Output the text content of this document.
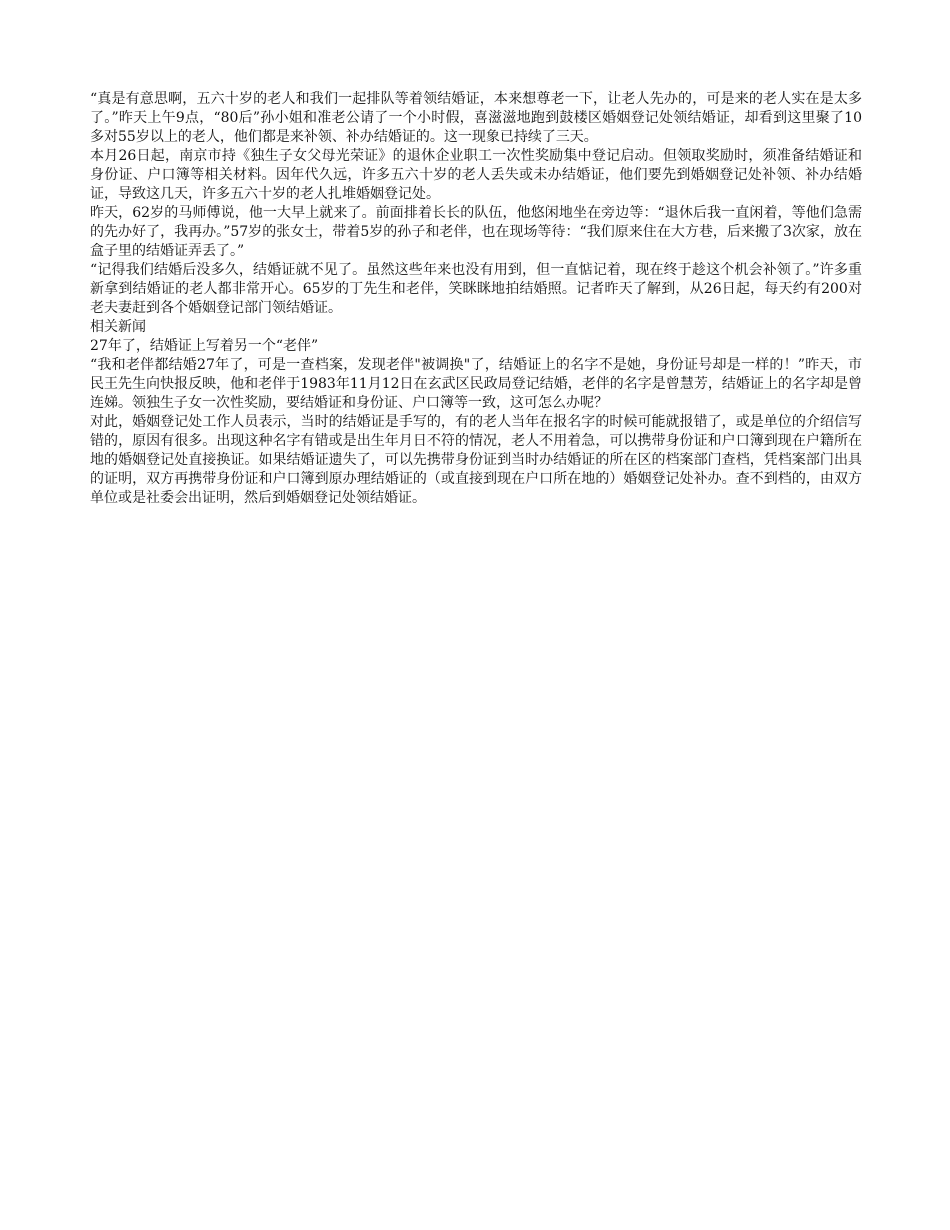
“真是有意思啊，五六十岁的老人和我们一起排队等着领结婚证，本来想尊老一下，让老人先办的，可是来的老人实在是太多了。”昨天上午9点，“80后”孙小姐和准老公请了一个小时假，喜滋滋地跑到鼓楼区婚姻登记处领结婚证，却看到这里聚了10多对55岁以上的老人，他们都是来补领、补办结婚证的。这一现象已持续了三天。

本月26日起，南京市持《独生子女父母光荣证》的退休企业职工一次性奖励集中登记启动。但领取奖励时，须准备结婚证和身份证、户口簿等相关材料。因年代久远，许多五六十岁的老人丢失或未办结婚证，他们要先到婚姻登记处补领、补办结婚证，导致这几天，许多五六十岁的老人扎堆婚姻登记处。

昨天，62岁的马师傅说，他一大早上就来了。前面排着长长的队伍，他悠闲地坐在旁边等：“退休后我一直闲着，等他们急需的先办好了，我再办。”57岁的张女士，带着5岁的孙子和老伴，也在现场等待：“我们原来住在大方巷，后来搬了3次家，放在盒子里的结婚证弄丢了。”

“记得我们结婚后没多久，结婚证就不见了。虽然这些年来也没有用到，但一直惦记着，现在终于趁这个机会补领了。”许多重新拿到结婚证的老人都非常开心。65岁的丁先生和老伴，笑眯眯地拍结婚照。记者昨天了解到，从26日起，每天约有200对老夫妻赶到各个婚姻登记部门领结婚证。

相关新闻

27年了，结婚证上写着另一个“老伴”

“我和老伴都结婚27年了，可是一查档案，发现老伴"被调换"了，结婚证上的名字不是她，身份证号却是一样的！”昨天，市民王先生向快报反映，他和老伴于1983年11月12日在玄武区民政局登记结婚，老伴的名字是曾慧芳，结婚证上的名字却是曾连娣。领独生子女一次性奖励，要结婚证和身份证、户口簿等一致，这可怎么办呢？

对此，婚姻登记处工作人员表示，当时的结婚证是手写的，有的老人当年在报名字的时候可能就报错了，或是单位的介绍信写错的，原因有很多。出现这种名字有错或是出生年月日不符的情况，老人不用着急，可以携带身份证和户口簿到现在户籍所在地的婚姻登记处直接换证。如果结婚证遗失了，可以先携带身份证到当时办结婚证的所在区的档案部门查档，凭档案部门出具的证明，双方再携带身份证和户口簿到原办理结婚证的（或直接到现在户口所在地的）婚姻登记处补办。查不到档的，由双方单位或是社委会出证明，然后到婚姻登记处领结婚证。
